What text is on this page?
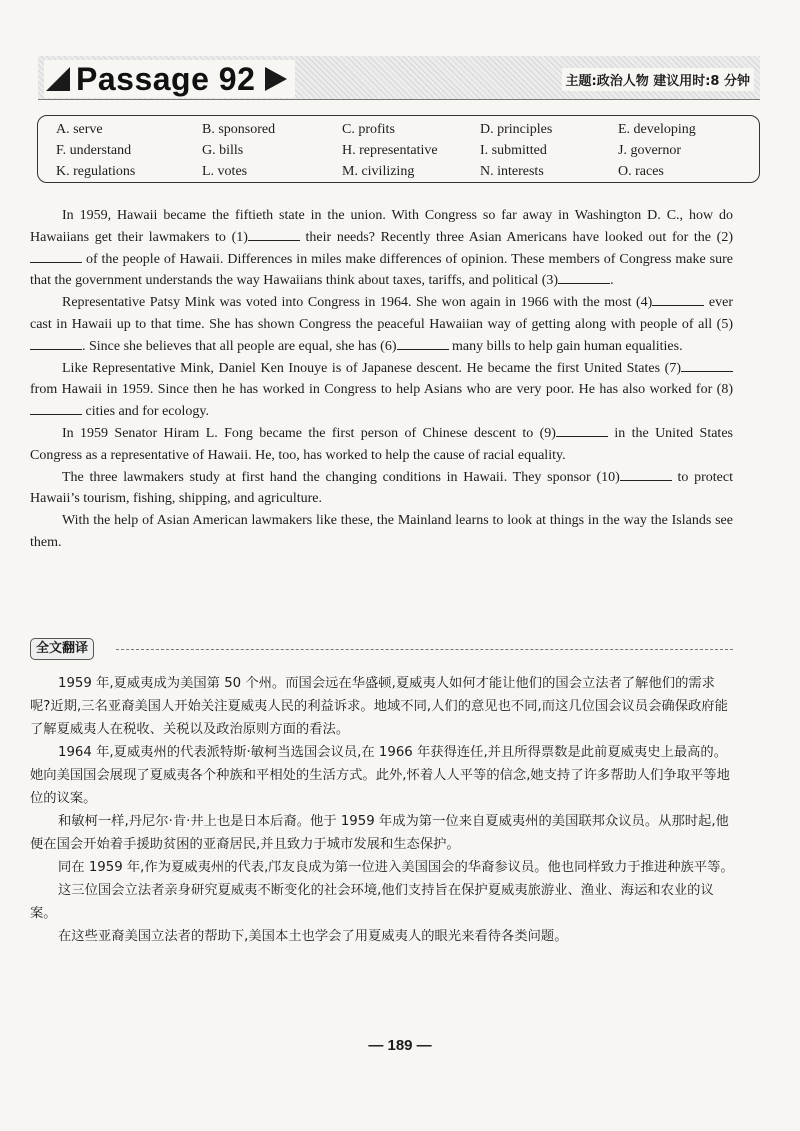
Passage 92	主题:政治人物 建议用时:8 分钟
A. serve	B. sponsored	C. profits	D. principles	E. developing
F. understand	G. bills	H. representative	I. submitted	J. governor
K. regulations	L. votes	M. civilizing	N. interests	O. races

In 1959, Hawaii became the fiftieth state in the union. With Congress so far away in Washington D. C., how do Hawaiians get their lawmakers to (1)	their needs? Recently three Asian Americans have looked out for the (2) of the people of Hawaii. Differences in miles make differences of opinion. These members of Congress make sure that the government understands the way Hawaiians think about taxes, tariffs, and political (3)	.

Representative Patsy Mink was voted into Congress in 1964. She won again in 1966 with the most (4)	ever cast in Hawaii up to that time. She has shown Congress the peaceful Hawaiian way of getting along with people of all (5). Since she believes that all people are equal, she has (6)	many bills to help gain human equalities.

Like Representative Mink, Daniel Ken Inouye is of Japanese descent. He became the first United States (7) from Hawaii in 1959. Since then he has worked in Congress to help Asians who are very poor. He has also worked for (8) cities and for ecology.

In 1959 Senator Hiram L. Fong became the first person of Chinese descent to (9)	in the United States Congress as a representative of Hawaii. He, too, has worked to help the cause of racial equality.

The three lawmakers study at first hand the changing conditions in Hawaii. They sponsor (10)	to protect Hawaii’s tourism, fishing, shipping, and agriculture.

With the help of Asian American lawmakers like these, the Mainland learns to look at things in the way the Islands see them.

全文翻译

1959 年,夏威夷成为美国第 50 个州。而国会远在华盛顿,夏威夷人如何才能让他们的国会立法者了解他们的需求呢?近期,三名亚裔美国人开始关注夏威夷人民的利益诉求。地域不同,人们的意见也不同,而这几位国会议员会确保政府能了解夏威夷人在税收、关税以及政治原则方面的看法。

1964 年,夏威夷州的代表派特斯·敏柯当选国会议员,在 1966 年获得连任,并且所得票数是此前夏威夷史上最高的。她向美国国会展现了夏威夷各个种族和平相处的生活方式。此外,怀着人人平等的信念,她支持了许多帮助人们争取平等地位的议案。

和敏柯一样,丹尼尔·肯·井上也是日本后裔。他于 1959 年成为第一位来自夏威夷州的美国联邦众议员。从那时起,他便在国会开始着手援助贫困的亚裔居民,并且致力于城市发展和生态保护。

同在 1959 年,作为夏威夷州的代表,邝友良成为第一位进入美国国会的华裔参议员。他也同样致力于推进种族平等。

这三位国会立法者亲身研究夏威夷不断变化的社会环境,他们支持旨在保护夏威夷旅游业、渔业、海运和农业的议案。

在这些亚裔美国立法者的帮助下,美国本土也学会了用夏威夷人的眼光来看待各类问题。

— 189 —
